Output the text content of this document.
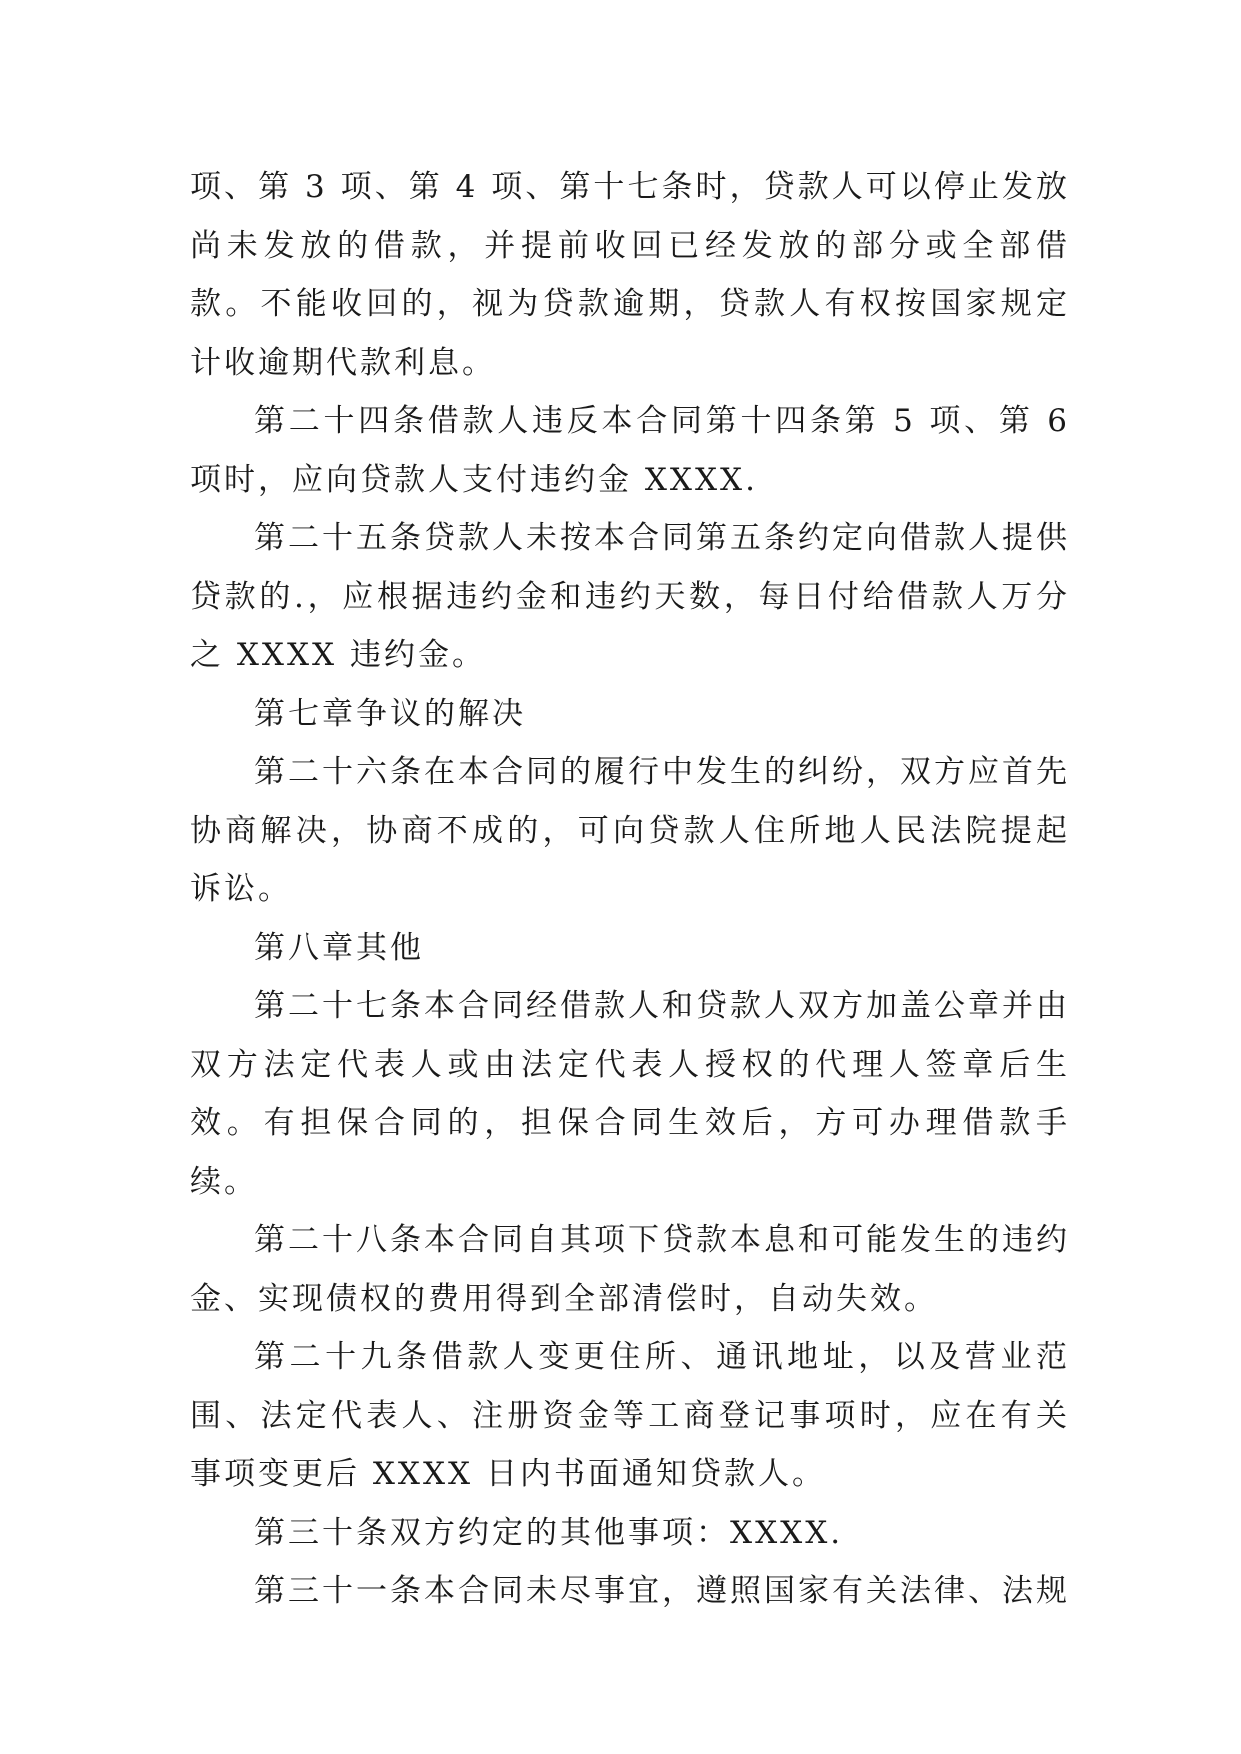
项、第 3 项、第 4 项、第十七条时，贷款人可以停止发放尚未发放的借款，并提前收回已经发放的部分或全部借款。不能收回的，视为贷款逾期，贷款人有权按国家规定计收逾期代款利息。

第二十四条借款人违反本合同第十四条第 5 项、第 6 项时，应向贷款人支付违约金 XXXX.

第二十五条贷款人未按本合同第五条约定向借款人提供贷款的.，应根据违约金和违约天数，每日付给借款人万分之 XXXX 违约金。

第七章争议的解决

第二十六条在本合同的履行中发生的纠纷，双方应首先协商解决，协商不成的，可向贷款人住所地人民法院提起诉讼。

第八章其他

第二十七条本合同经借款人和贷款人双方加盖公章并由双方法定代表人或由法定代表人授权的代理人签章后生效。有担保合同的，担保合同生效后，方可办理借款手续。

第二十八条本合同自其项下贷款本息和可能发生的违约金、实现债权的费用得到全部清偿时，自动失效。

第二十九条借款人变更住所、通讯地址，以及营业范围、法定代表人、注册资金等工商登记事项时，应在有关事项变更后 XXXX 日内书面通知贷款人。

第三十条双方约定的其他事项：XXXX.

第三十一条本合同未尽事宜，遵照国家有关法律、法规
